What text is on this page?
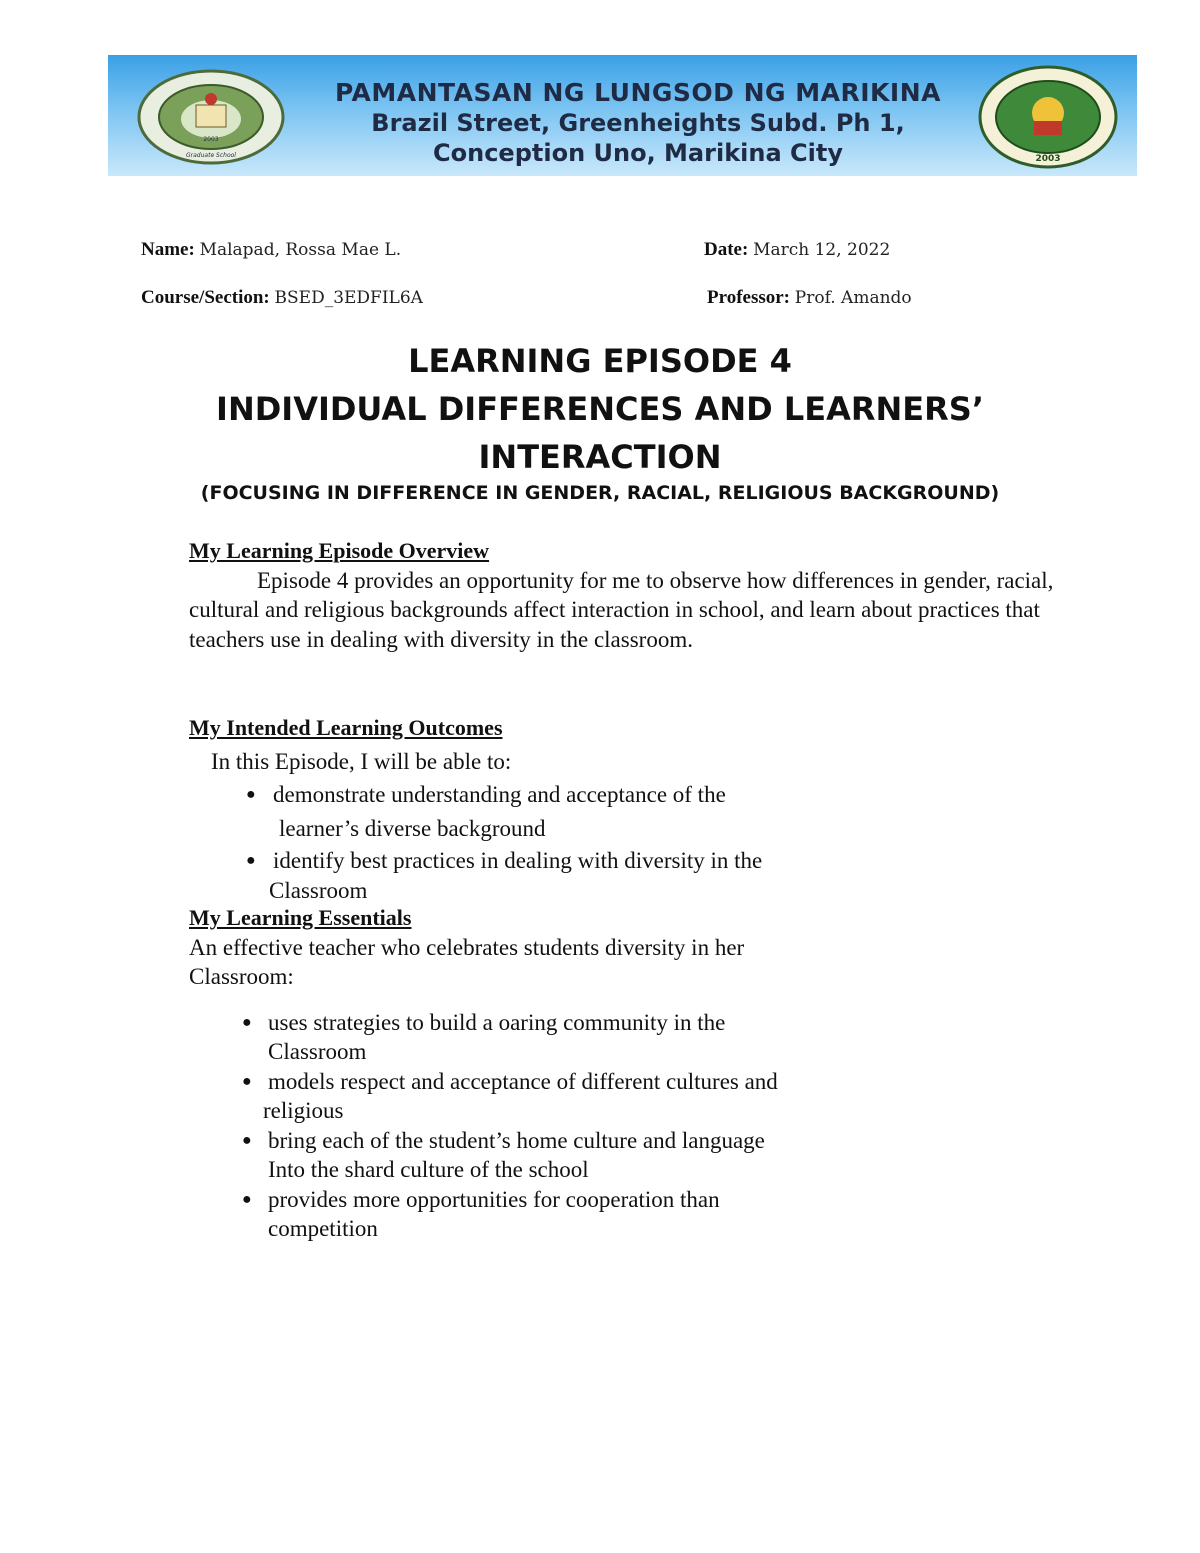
2003
Graduate School
PAMANTASAN NG LUNGSOD NG MARIKINA
Brazil Street, Greenheights Subd. Ph 1,
Conception Uno, Marikina City	2003
Name: Malapad, Rossa Mae L.	Date: March 12, 2022
Course/Section: BSED_3EDFIL6A	Professor: Prof. Amando
LEARNING EPISODE 4
INDIVIDUAL DIFFERENCES AND LEARNERS’
INTERACTION
(FOCUSING IN DIFFERENCE IN GENDER, RACIAL, RELIGIOUS BACKGROUND)
My Learning Episode Overview
Episode 4 provides an opportunity for me to observe how differences in gender, racial, cultural and religious backgrounds affect interaction in school, and learn about practices that teachers use in dealing with diversity in the classroom.
My Intended Learning Outcomes
In this Episode, I will be able to:
● demonstrate understanding and acceptance of the
learner’s diverse background
● identify best practices in dealing with diversity in the
Classroom
My Learning Essentials
An effective teacher who celebrates students diversity in her
Classroom:
● uses strategies to build a oaring community in the
Classroom
● models respect and acceptance of different cultures and
religious
● bring each of the student’s home culture and language
Into the shard culture of the school
● provides more opportunities for cooperation than
competition
